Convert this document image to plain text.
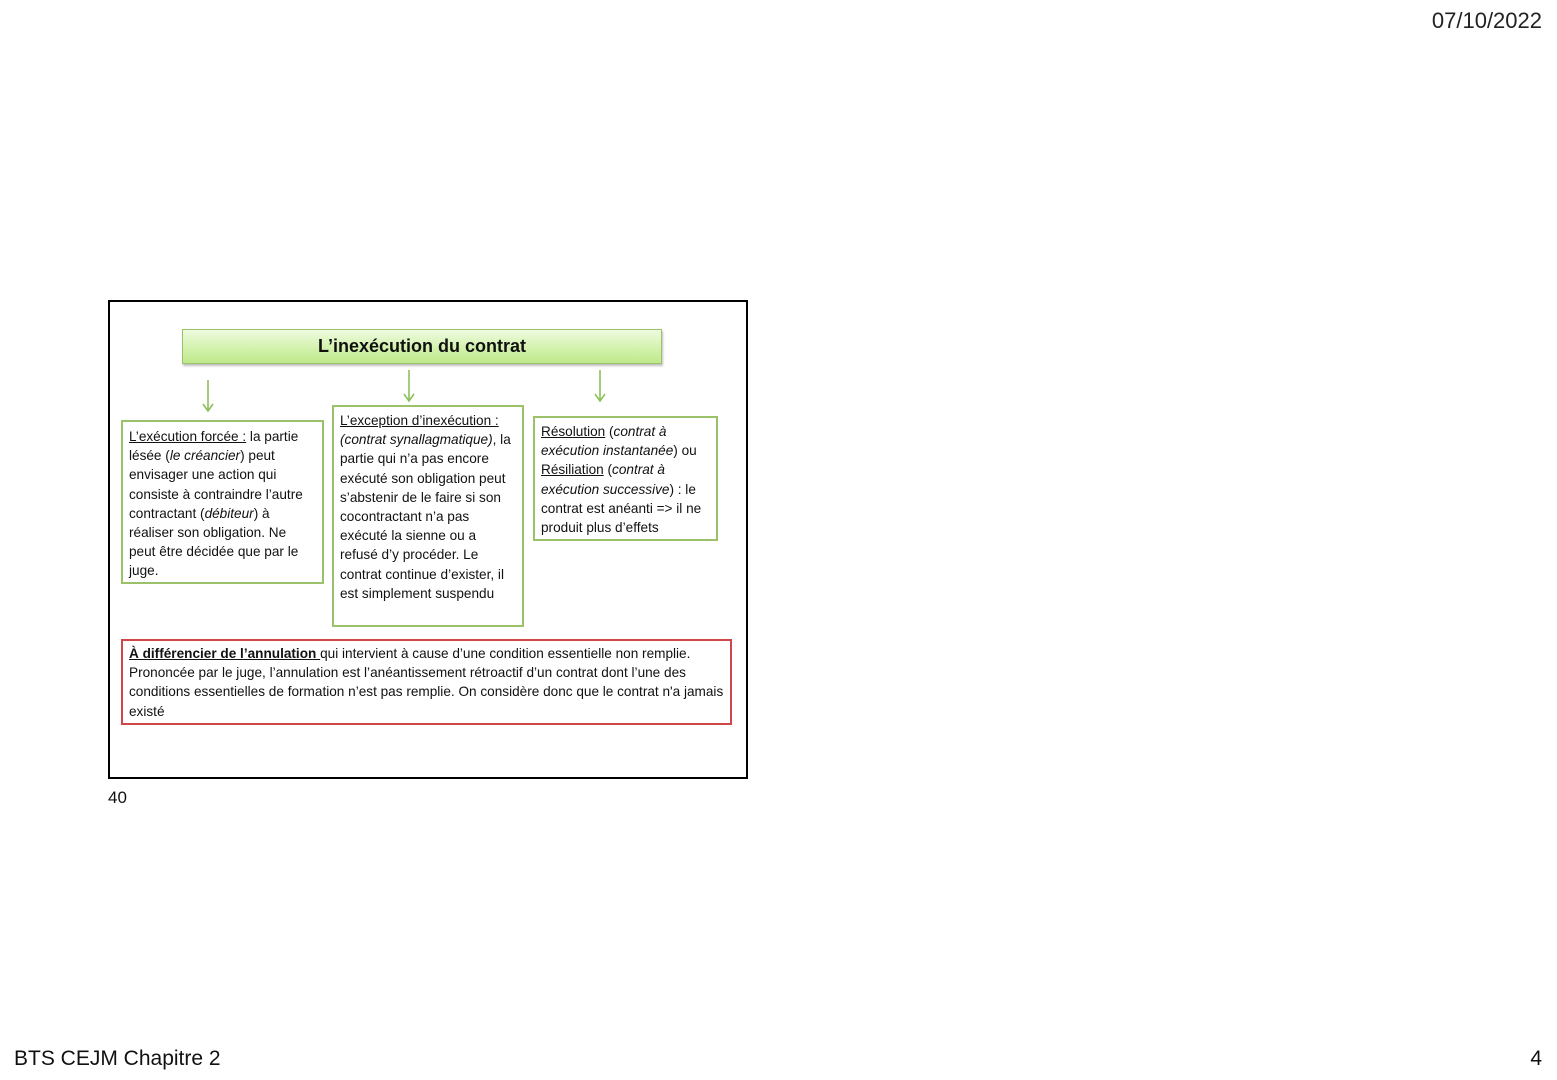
07/10/2022
L’inexécution du contrat
L’exécution forcée : la partie lésée (le créancier) peut envisager une action qui consiste à contraindre l’autre contractant (débiteur) à réaliser son obligation. Ne peut être décidée que par le juge.
L’exception d’inexécution : (contrat synallagmatique), la partie qui n’a pas encore exécuté son obligation peut s’abstenir de le faire si son cocontractant n’a pas exécuté la sienne ou a refusé d’y procéder. Le contrat continue d’exister, il est simplement suspendu
Résolution (contrat à exécution instantanée) ou Résiliation (contrat à exécution successive) : le contrat est anéanti => il ne produit plus d’effets
À différencier de l’annulation qui intervient à cause d’une condition essentielle non remplie. Prononcée par le juge, l’annulation est l’anéantissement rétroactif d’un contrat dont l’une des conditions essentielles de formation n’est pas remplie. On considère donc que le contrat n'a jamais existé
40
BTS CEJM Chapitre 2	4
